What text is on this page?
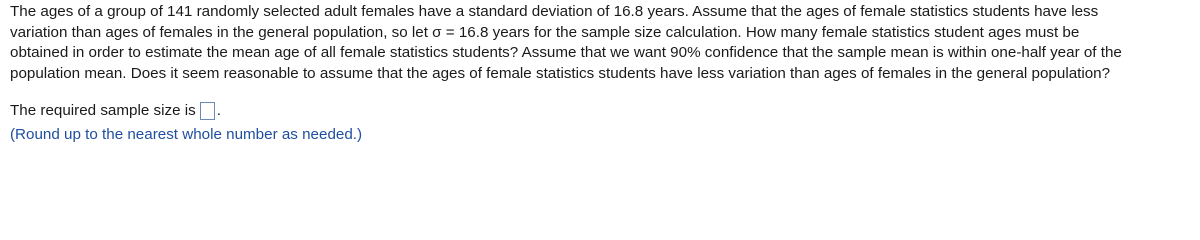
The ages of a group of 141 randomly selected adult females have a standard deviation of 16.8 years. Assume that the ages of female statistics students have less
variation than ages of females in the general population, so let σ = 16.8 years for the sample size calculation. How many female statistics student ages must be
obtained in order to estimate the mean age of all female statistics students? Assume that we want 90% confidence that the sample mean is within one-half year of the
population mean. Does it seem reasonable to assume that the ages of female statistics students have less variation than ages of females in the general population?
The required sample size is .
(Round up to the nearest whole number as needed.)
